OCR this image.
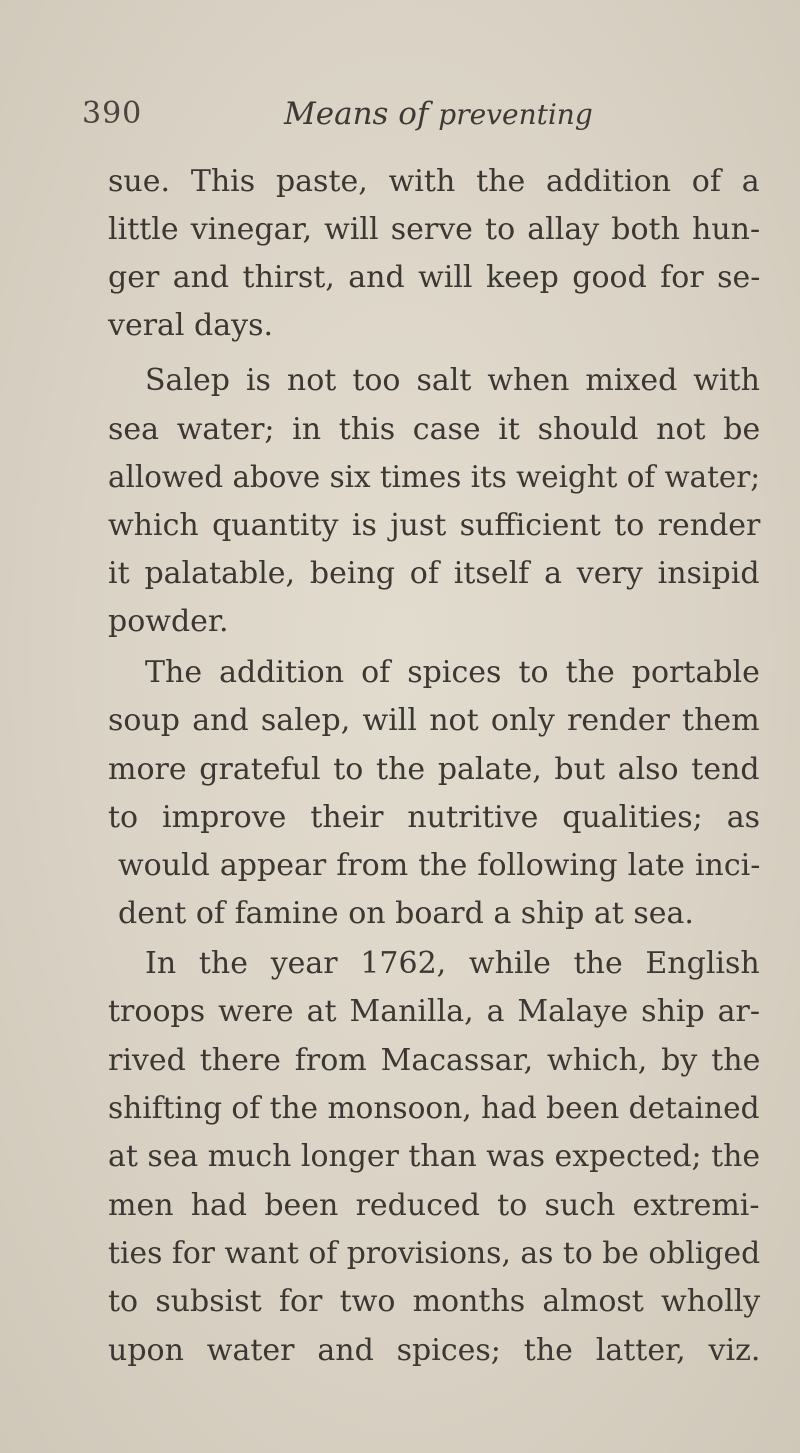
390	Means of preventing
sue. This paste, with the addition of a
little vinegar, will serve to allay both hun-
ger and thirst, and will keep good for se-
veral days.
Salep is not too salt when mixed with
sea water; in this case it should not be
allowed above six times its weight of water;
which quantity is just sufficient to render
it palatable, being of itself a very insipid
powder.
The addition of spices to the portable
soup and salep, will not only render them
more grateful to the palate, but also tend
to improve their nutritive qualities; as
would appear from the following late inci-
dent of famine on board a ship at sea.
In the year 1762, while the English
troops were at Manilla, a Malaye ship ar-
rived there from Macassar, which, by the
shifting of the monsoon, had been detained
at sea much longer than was expected; the
men had been reduced to such extremi-
ties for want of provisions, as to be obliged
to subsist for two months almost wholly
upon water and spices; the latter, viz.
